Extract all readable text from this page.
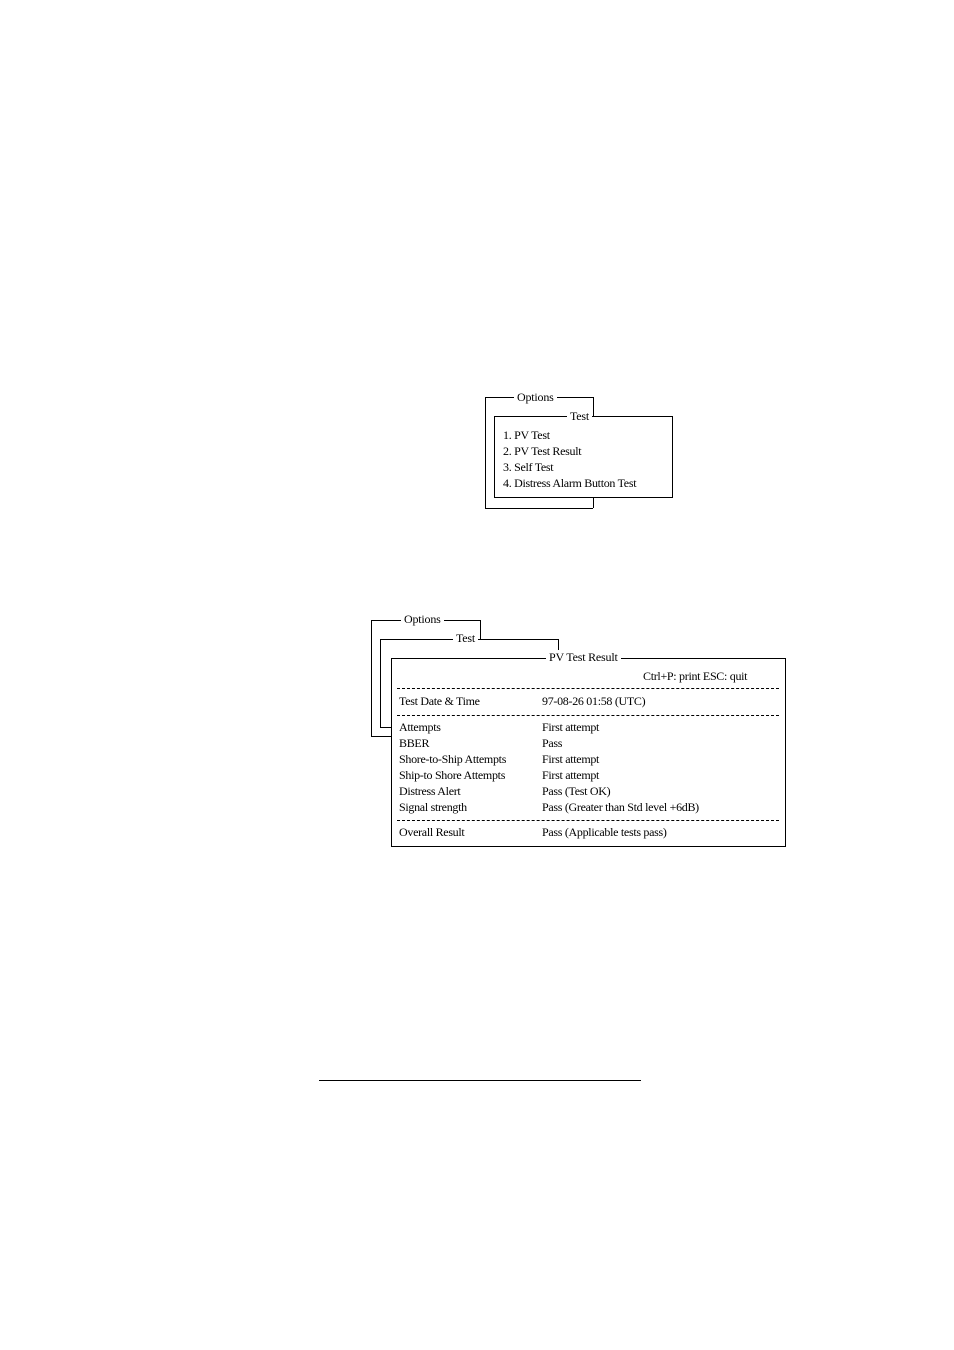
Options
Test
1. PV Test
2. PV Test Result
3. Self Test
4. Distress Alarm Button Test
Options
Test
PV Test Result
Ctrl+P: print ESC: quit
Test Date & Time	97-08-26 01:58 (UTC)
Attempts	First attempt
BBER	Pass
Shore-to-Ship Attempts	First attempt
Ship-to Shore Attempts	First attempt
Distress Alert	Pass (Test OK)
Signal strength	Pass (Greater than Std level +6dB)
Overall Result	Pass (Applicable tests pass)
